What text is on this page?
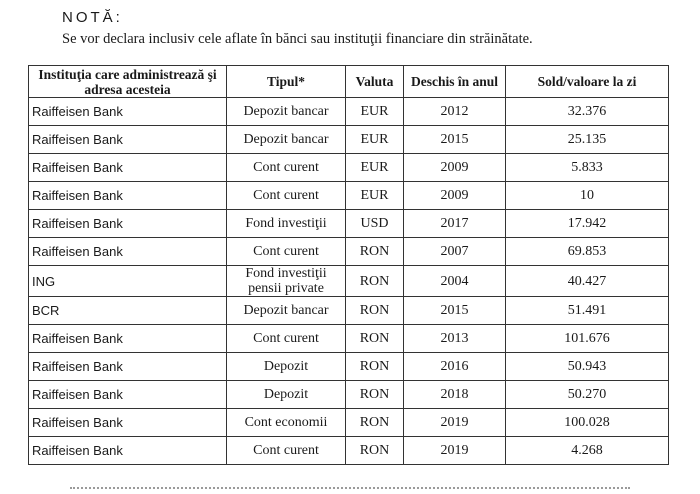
NOTĂ:
Se vor declara inclusiv cele aflate în bănci sau instituţii financiare din străinătate.
Instituţia care administrează şi adresa acesteia	Tipul*	Valuta	Deschis în anul	Sold/valoare la zi
Raiffeisen Bank	Depozit bancar	EUR	2012	32.376
Raiffeisen Bank	Depozit bancar	EUR	2015	25.135
Raiffeisen Bank	Cont curent	EUR	2009	5.833
Raiffeisen Bank	Cont curent	EUR	2009	10
Raiffeisen Bank	Fond investiţii	USD	2017	17.942
Raiffeisen Bank	Cont curent	RON	2007	69.853
ING	Fond investiţii pensii private	RON	2004	40.427
BCR	Depozit bancar	RON	2015	51.491
Raiffeisen Bank	Cont curent	RON	2013	101.676
Raiffeisen Bank	Depozit	RON	2016	50.943
Raiffeisen Bank	Depozit	RON	2018	50.270
Raiffeisen Bank	Cont economii	RON	2019	100.028
Raiffeisen Bank	Cont curent	RON	2019	4.268
